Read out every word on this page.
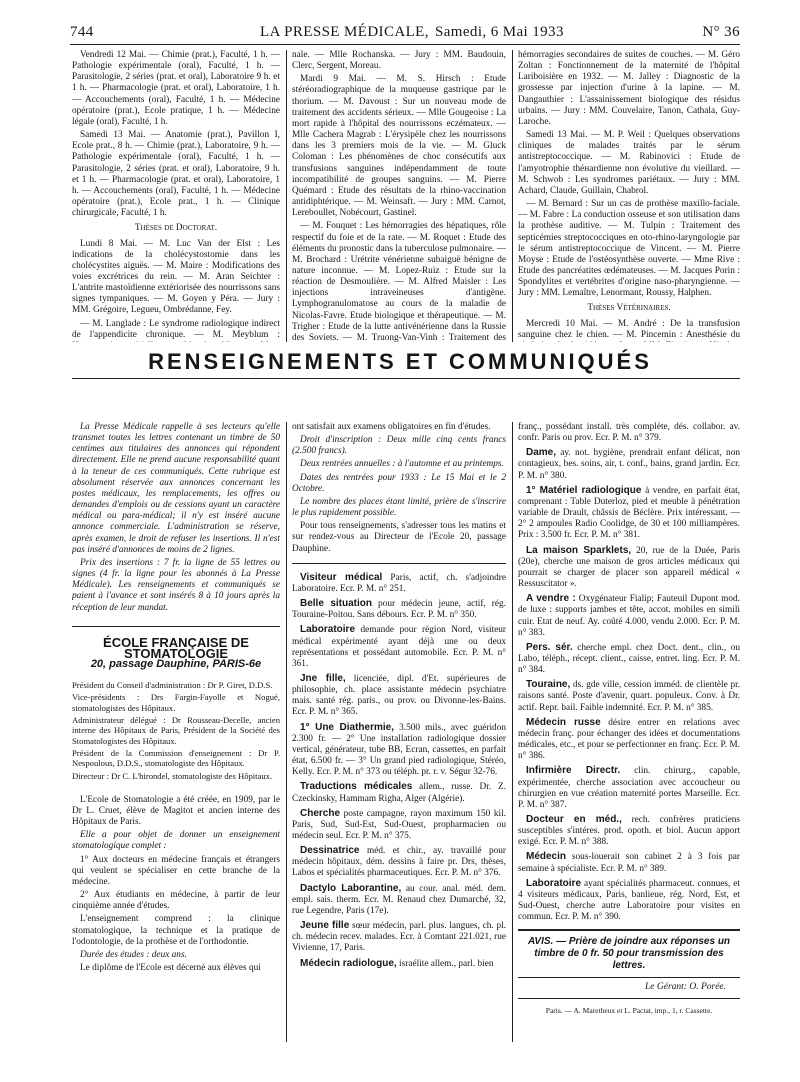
744	LA PRESSE MÉDICALE, Samedi, 6 Mai 1933	N° 36

Vendredi 12 Mai. — Chimie (prat.), Faculté, 1 h. — Pathologie expérimentale (oral), Faculté, 1 h. — Parasitologie, 2 séries (prat. et oral), Laboratoire 9 h. et 1 h. — Pharmacologie (prat. et oral), Laboratoire, 1 h. — Accouchements (oral), Faculté, 1 h. — Médecine opératoire (prat.), Ecole pratique, 1 h. — Médecine légale (oral), Faculté, 1 h.

Samedi 13 Mai. — Anatomie (prat.), Pavillon I, Ecole prat., 8 h. — Chimie (prat.), Laboratoire, 9 h. — Pathologie expérimentale (oral), Faculté, 1 h. — Parasitologie, 2 séries (prat. et oral), Laboratoire, 9 h. et 1 h. — Pharmacologie (prat. et oral), Laboratoire, 1 h. — Accouchements (oral), Faculté, 1 h. — Médecine opératoire (prat.), Ecole prat., 1 h. — Clinique chirurgicale, Faculté, 1 h.

Thèses de Doctorat.

Lundi 8 Mai. — M. Luc Van der Elst : Les indications de la cholécystostomie dans les cholécystites aiguës. — M. Maire : Modifications des voies excrétrices du rein. — M. Aran Seichter : L'antrite mastoïdienne extériorisée des nourrissons sans signes tympaniques. — M. Goyen y Péra. — Jury : MM. Grégoire, Legueu, Ombrédanne, Fey.

— M. Langlade : Le syndrome radiologique indirect de l'appendicite chronique. — M. Meyblum :

nale. — Mlle Rochanska. — Jury : MM. Baudouin, Clerc, Sergent, Moreau.

Mardi 9 Mai. — M. S. Hirsch : Etude stéréoradiographique de la muqueuse gastrique par le thorium. — M. Davoust : Sur un nouveau mode de traitement des accidents sérieux. — Mlle Gougeoise : La mort rapide à l'hôpital des nourrissons eczémateux. — Mlle Cachera Magrab : L'érysipèle chez les nourrissons dans les 3 premiers mois de la vie. — M. Gluck Coloman : Les phénomènes de choc consécutifs aux transfusions sanguines indépendamment de toute incompatibilité de groupes sanguins. — M. Pierre Quémard : Etude des résultats de la rhino-vaccination antidiphtérique. — M. Weinsaft. — Jury : MM. Carnot, Lereboullet, Nobécourt, Gastinel.

— M. Fouquet : Les hémorragies des hépatiques, rôle respectif du foie et de la rate. — M. Roquet : Etude des éléments du pronostic dans la tuberculose pulmonaire. — M. Brochard : Urétrite vénérienne subaiguë bénigne de nature inconnue. — M. Lopez-Ruiz : Etude sur la réaction de Desmoulière. — M. Alfred Maisler : Les injections intraveineuses d'antigène. Lymphogranulomatose au cours de la maladie de Nicolas-Favre. Etude biologique et thérapeutique. — M. Trigher : Etude de la lutte antivénérienne dans la Russie des Soviets. — M. Truong-Van-Vinh : Traitement des

hémorragies secondaires de suites de couches. — M. Géro Zoltan : Fonctionnement de la maternité de l'hôpital Lariboisière en 1932. — M. Jalley : Diagnostic de la grossesse par injection d'urine à la lapine. — M. Dangauthier : L'assainissement biologique des résidus urbains. — Jury : MM. Couvelaire, Tanon, Cathala, Guy-Laroche.

Samedi 13 Mai. — M. P. Weil : Quelques observations cliniques de malades traités par le sérum antistreptococcique. — M. Rabinovici : Etude de l'amyotrophie théнardienne non évolutive du vieillard. — M. Schwob : Les syndromes pariétaux. — Jury : MM. Achard, Claude, Guillain, Chabrol.

— M. Bernard : Sur un cas de prothèse maxillo-faciale. — M. Fabre : La conduction osseuse et son utilisation dans la prothèse auditive. — M. Tulpin : Traitement des septicémies streptococciques en oto-rhino-laryngologie par le sérum antistreptococcique de Vincent. — M. Pierre Moyse : Etude de l'ostéosynthèse ouverte. — Mme Rive : Etude des pancréatites œdémateuses. — M. Jacques Porin : Spondylites et vertébrites d'origine naso-pharyngienne. — Jury : MM. Lemaître, Lenormant, Roussy, Halphen.

Thèses Vétérinaires.

Mercredi 10 Mai. — M. André : De la transfusion sanguine chez le chien. — M. Pincemin : Anesthésie du

RENSEIGNEMENTS ET COMMUNIQUÉS

La Presse Médicale rappelle à ses lecteurs qu'elle transmet toutes les lettres contenant un timbre de 50 centimes aux titulaires des annonces qui répondent directement. Elle ne prend aucune responsabilité quant à la teneur de ces communiqués. Cette rubrique est absolument réservée aux annonces concernant les postes médicaux, les remplacements, les offres ou demandes d'emplois ou de cessions ayant un caractère médical ou para-médical; il n'y est inséré aucune annonce commerciale. L'administration se réserve, après examen, le droit de refuser les insertions. Il n'est pas inséré d'annonces de moins de 2 lignes.

Prix des insertions : 7 fr. la ligne de 55 lettres ou signes (4 fr. la ligne pour les abonnés à La Presse Médicale). Les renseignements et communiqués se paient à l'avance et sont insérés 8 à 10 jours après la réception de leur mandat.

ÉCOLE FRANÇAISE DE STOMATOLOGIE
20, passage Dauphine, PARIS-6e

Président du Conseil d'administration : Dr P. Giret, D.D.S.

Vice-présidents : Drs Fargin-Fayolle et Nogué, stomatologistes des Hôpitaux.

Administrateur délégué : Dr Rousseau-Decelle, ancien interne des Hôpitaux de Paris, Président de la Société des Stomatologistes des Hôpitaux.

Président de la Commission d'enseignement : Dr P. Nespoulous, D.D.S., stomatologiste des Hôpitaux.

Directeur : Dr C. L'hirondel, stomatologiste des Hôpitaux.

L'Ecole de Stomatologie a été créée, en 1909, par le Dr L. Cruet, élève de Magitot et ancien interne des Hôpitaux de Paris.

Elle a pour objet de donner un enseignement stomatologique complet :

1° Aux docteurs en médecine français et étrangers qui veulent se spécialiser en cette branche de la médecine.

2° Aux étudiants en médecine, à partir de leur cinquième année d'études.

L'enseignement comprend : la clinique stomatologique, la technique et la pratique de l'odontologie, de la prothèse et de l'orthodontie.

Durée des études : deux ans.

Le diplôme de l'Ecole est décerné aux élèves qui

ont satisfait aux examens obligatoires en fin d'études.

Droit d'inscription : Deux mille cinq cents francs (2.500 francs).

Deux rentrées annuelles : à l'automne et au printemps.

Dates des rentrées pour 1933 : Le 15 Mai et le 2 Octobre.

Le nombre des places étant limité, prière de s'inscrire le plus rapidement possible.

Pour tous renseignements, s'adresser tous les matins et sur rendez-vous au Directeur de l'Ecole 20, passage Dauphine.

Visiteur médical Paris, actif, ch. s'adjoindre Laboratoire. Ecr. P. M. n° 251.
Belle situation pour médecin jeune, actif, rég. Touraine-Poitou. Sans débours. Ecr. P. M. n° 350.
Laboratoire demande pour région Nord, visiteur médical expérimenté ayant déjà une ou deux représentations et possédant automobile. Ecr. P. M. n° 361.
Jne fille, licenciée, dipl. d'Et. supérieures de philosophie, ch. place assistante médecin psychiatre mais. santé rég. paris., ou prov. ou Divonne-les-Bains. Ecr. P. M. n° 365.
1° Une Diathermie, 3.500 mils., avec guéridon 2.300 fr. — 2° Une installation radiologique dossier vertical, générateur, tube BB, Ecran, cassettes, en parfait état, 6.500 fr. — 3° Un grand pied radiologique, Stéréo, Kelly. Ecr. P. M. n° 373 ou téléph. pr. r. v. Ségur 32-76.
Traductions médicales allem., russe. Dr. Z. Czeckinsky, Hammam Righa, Alger (Algérie).
Cherche poste campagne, rayon maximum 150 kil. Paris, Sud, Sud-Est, Sud-Ouest, propharmacien ou médecin seul. Ecr. P. M. n° 375.
Dessinatrice méd. et chir., ay. travaillé pour médecin hôpitaux, dém. dessins à faire pr. Drs, thèses, Labos et spécialités pharmaceutiques. Ecr. P. M. n° 376.
Dactylo Laborantine, au cour. anal. méd. dem. empl. sais. therm. Ecr. M. Renaud chez Dumarché, 32, rue Legendre, Paris (17e).
Jeune fille sœur médecin, parl. plus. langues, ch. pl. ch. médecin recev. malades. Ecr. à Comtant 221.021, rue Vivienne, 17, Paris.
Médecin radiologue, israélite allem., parl. bien
franç., possédant install. très complète, dés. collabor. av. confr. Paris ou prov. Ecr. P. M. n° 379.
Dame, ay. not. hygiène, prendrait enfant délicat, non contagieux, bes. soins, air, t. conf., bains, grand jardin. Ecr. P. M. n° 380.
1° Matériel radiologique à vendre, en parfait état, comprenant : Table Duterloz, pied et meuble à pénétration variable de Drault, châssis de Béclère. Prix intéressant. — 2° 2 ampoules Radio Coolidge, de 30 et 100 milliampères. Prix : 3.500 fr. Ecr. P. M. n° 381.
La maison Sparklets, 20, rue de la Duée, Paris (20e), cherche une maison de gros articles médicaux qui pourrait se charger de placer son appareil médical « Ressuscitator ».
A vendre : Oxygénateur Fialip; Fauteuil Dupont mod. de luxe : supports jambes et tête, accot. mobiles en simili cuir. Etat de neuf. Ay. coûté 4.000, vendu 2.000. Ecr. P. M. n° 383.
Pers. sér. cherche empl. chez Doct. dent., clin., ou Labo, téléph., récept. client., caisse, entret. ling. Ecr. P. M. n° 384.
Touraine, ds. gde ville, cession imméd. de clientèle pr. raisons santé. Poste d'avenir, quart. populeux. Conv. à Dr. actif. Repr. bail. Faible indemnité. Ecr. P. M. n° 385.
Médecin russe désire entrer en relations avec médecin franç. pour échanger des idées et documentations médicales, etc., et pour se perfectionner en franç. Ecr. P. M. n° 386.
Infirmière Directr. clin. chirurg., capable, expérimentée, cherche association avec accoucheur ou chirurgien en vue création maternité portes Marseille. Ecr. P. M. n° 387.
Docteur en méd., rech. confrères praticiens susceptibles s'intéres. prod. opoth. et biol. Aucun apport exigé. Ecr. P. M. n° 388.
Médecin sous-louerait son cabinet 2 à 3 fois par semaine à spécialiste. Ecr. P. M. n° 389.
Laboratoire ayant spécialités pharmaceut. connues, et 4 visiteurs médicaux, Paris, banlieue, rég. Nord, Est, et Sud-Ouest, cherche autre Laboratoire pour visites en commun. Ecr. P. M. n° 390.
AVIS. — Prière de joindre aux réponses un timbre de 0 fr. 50 pour transmission des lettres.
Le Gérant: O. Porée.
Paris. — A. Maretheux et L. Pactat, imp., 1, r. Cassette.
